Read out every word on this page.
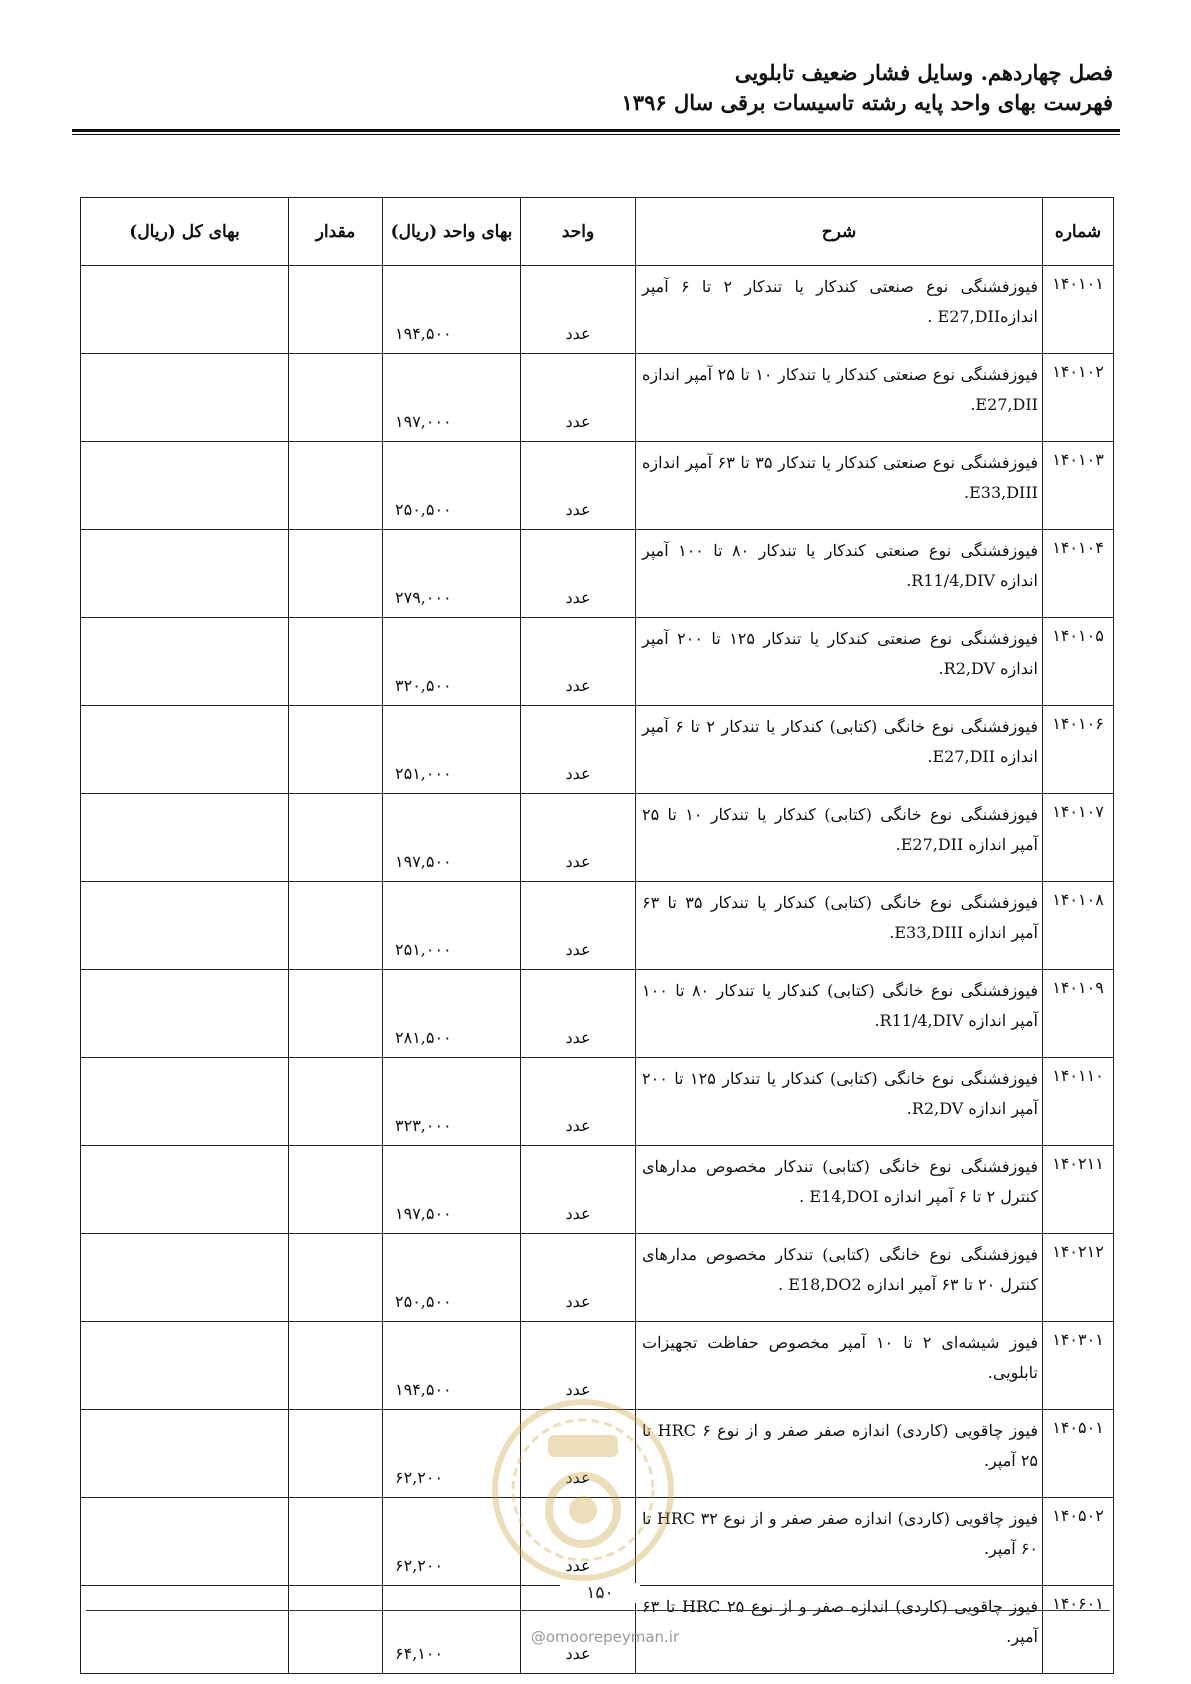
فصل چهاردهم. وسایل فشار ضعیف تابلویی
فهرست بهای واحد پایه رشته تاسیسات برقی سال ۱۳۹۶
شماره	شرح	واحد	بهای واحد (ریال)	مقدار	بهای کل (ریال)
۱۴۰۱۰۱	فیوزفشنگی نوع صنعتی کندکار یا تندکار ۲ تا ۶ آمپر اندازهE27,DII .	عدد	۱۹۴,۵۰۰		
۱۴۰۱۰۲	فیوزفشنگی نوع صنعتی کندکار یا تندکار ۱۰ تا ۲۵ آمپر اندازه E27,DII.	عدد	۱۹۷,۰۰۰		
۱۴۰۱۰۳	فیوزفشنگی نوع صنعتی کندکار یا تندکار ۳۵ تا ۶۳ آمپر اندازه E33,DIII.	عدد	۲۵۰,۵۰۰		
۱۴۰۱۰۴	فیوزفشنگی نوع صنعتی کندکار یا تندکار ۸۰ تا ۱۰۰ آمپر اندازه R11/4,DIV.	عدد	۲۷۹,۰۰۰		
۱۴۰۱۰۵	فیوزفشنگی نوع صنعتی کندکار یا تندکار ۱۲۵ تا ۲۰۰ آمپر اندازه R2,DV.	عدد	۳۲۰,۵۰۰		
۱۴۰۱۰۶	فیوزفشنگی نوع خانگی (کتابی) کندکار یا تندکار ۲ تا ۶ آمپر اندازه E27,DII.	عدد	۲۵۱,۰۰۰		
۱۴۰۱۰۷	فیوزفشنگی نوع خانگی (کتابی) کندکار یا تندکار ۱۰ تا ۲۵ آمپر اندازه E27,DII.	عدد	۱۹۷,۵۰۰		
۱۴۰۱۰۸	فیوزفشنگی نوع خانگی (کتابی) کندکار یا تندکار ۳۵ تا ۶۳ آمپر اندازه E33,DIII.	عدد	۲۵۱,۰۰۰		
۱۴۰۱۰۹	فیوزفشنگی نوع خانگی (کتابی) کندکار یا تندکار ۸۰ تا ۱۰۰ آمپر اندازه R11/4,DIV.	عدد	۲۸۱,۵۰۰		
۱۴۰۱۱۰	فیوزفشنگی نوع خانگی (کتابی) کندکار یا تندکار ۱۲۵ تا ۲۰۰ آمپر اندازه R2,DV.	عدد	۳۲۳,۰۰۰		
۱۴۰۲۱۱	فیوزفشنگی نوع خانگی (کتابی) تندکار مخصوص مدارهای کنترل ۲ تا ۶ آمپر اندازه E14,DOI .	عدد	۱۹۷,۵۰۰		
۱۴۰۲۱۲	فیوزفشنگی نوع خانگی (کتابی) تندکار مخصوص مدارهای کنترل ۲۰ تا ۶۳ آمپر اندازه E18,DO2 .	عدد	۲۵۰,۵۰۰		
۱۴۰۳۰۱	فیوز شیشه‌ای ۲ تا ۱۰ آمپر مخصوص حفاظت تجهیزات تابلویی.	عدد	۱۹۴,۵۰۰		
۱۴۰۵۰۱	فیوز چاقویی (کاردی) اندازه صفر صفر و از نوع HRC ۶ تا ۲۵ آمپر.	عدد	۶۲,۲۰۰		
۱۴۰۵۰۲	فیوز چاقویی (کاردی) اندازه صفر صفر و از نوع HRC ۳۲ تا ۶۰ آمپر.	عدد	۶۲,۲۰۰		
۱۴۰۶۰۱	فیوز چاقویی (کاردی) اندازه صفر و از نوع HRC ۲۵ تا ۶۳ آمپر.	عدد	۶۴,۱۰۰		
۱۵۰
@omoorepeyman.ir
